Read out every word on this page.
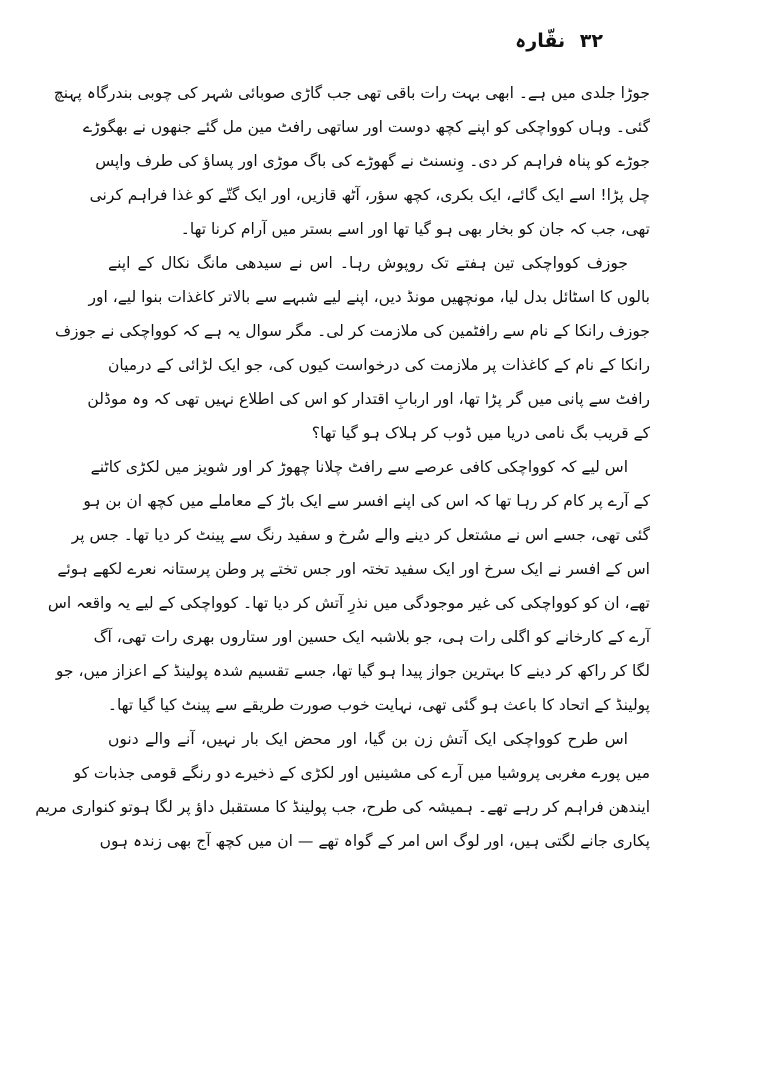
۳۲ نقّارہ
جوڑا جلدی میں ہے۔ ابھی بہت رات باقی تھی جب گاڑی صوبائی شہر کی چوبی بندرگاہ پہنچ
گئی۔ وہاں کوواچکی کو اپنے کچھ دوست اور ساتھی رافٹ مین مل گئے جنھوں نے بھگوڑے
جوڑے کو پناہ فراہم کر دی۔ وِنسنٹ نے گھوڑے کی باگ موڑی اور پساؤ کی طرف واپس
چل پڑا! اسے ایک گائے، ایک بکری، کچھ سؤر، آٹھ قازیں، اور ایک گتّے کو غذا فراہم کرنی
تھی، جب کہ جان کو بخار بھی ہو گیا تھا اور اسے بستر میں آرام کرنا تھا۔
جوزف کوواچکی تین ہفتے تک روپوش رہا۔ اس نے سیدھی مانگ نکال کے اپنے
بالوں کا اسٹائل بدل لیا، مونچھیں مونڈ دیں، اپنے لیے شبہے سے بالاتر کاغذات بنوا لیے، اور
جوزف رانکا کے نام سے رافٹمین کی ملازمت کر لی۔ مگر سوال یہ ہے کہ کوواچکی نے جوزف
رانکا کے نام کے کاغذات پر ملازمت کی درخواست کیوں کی، جو ایک لڑائی کے درمیان
رافٹ سے پانی میں گر پڑا تھا، اور اربابِ اقتدار کو اس کی اطلاع نہیں تھی کہ وہ موڈلن
کے قریب بگ نامی دریا میں ڈوب کر ہلاک ہو گیا تھا؟
اس لیے کہ کوواچکی کافی عرصے سے رافٹ چلانا چھوڑ کر اور شویز میں لکڑی کاٹنے
کے آرے پر کام کر رہا تھا کہ اس کی اپنے افسر سے ایک باڑ کے معاملے میں کچھ ان بن ہو
گئی تھی، جسے اس نے مشتعل کر دینے والے سُرخ و سفید رنگ سے پینٹ کر دیا تھا۔ جس پر
اس کے افسر نے ایک سرخ اور ایک سفید تختہ اور جس تختے پر وطن پرستانہ نعرے لکھے ہوئے
تھے، ان کو کوواچکی کی غیر موجودگی میں نذرِ آتش کر دیا تھا۔ کوواچکی کے لیے یہ واقعہ اس
آرے کے کارخانے کو اگلی رات ہی، جو بلاشبہ ایک حسین اور ستاروں بھری رات تھی، آگ
لگا کر راکھ کر دینے کا بہترین جواز پیدا ہو گیا تھا، جسے تقسیم شدہ پولینڈ کے اعزاز میں، جو
پولینڈ کے اتحاد کا باعث ہو گئی تھی، نہایت خوب صورت طریقے سے پینٹ کیا گیا تھا۔
اس طرح کوواچکی ایک آتش زن بن گیا، اور محض ایک بار نہیں، آنے والے دنوں
میں پورے مغربی پروشیا میں آرے کی مشینیں اور لکڑی کے ذخیرے دو رنگے قومی جذبات کو
ایندھن فراہم کر رہے تھے۔ ہمیشہ کی طرح، جب پولینڈ کا مستقبل داؤ پر لگا ہوتو کنواری مریم
پکاری جانے لگتی ہیں، اور لوگ اس امر کے گواہ تھے — ان میں کچھ آج بھی زندہ ہوں
